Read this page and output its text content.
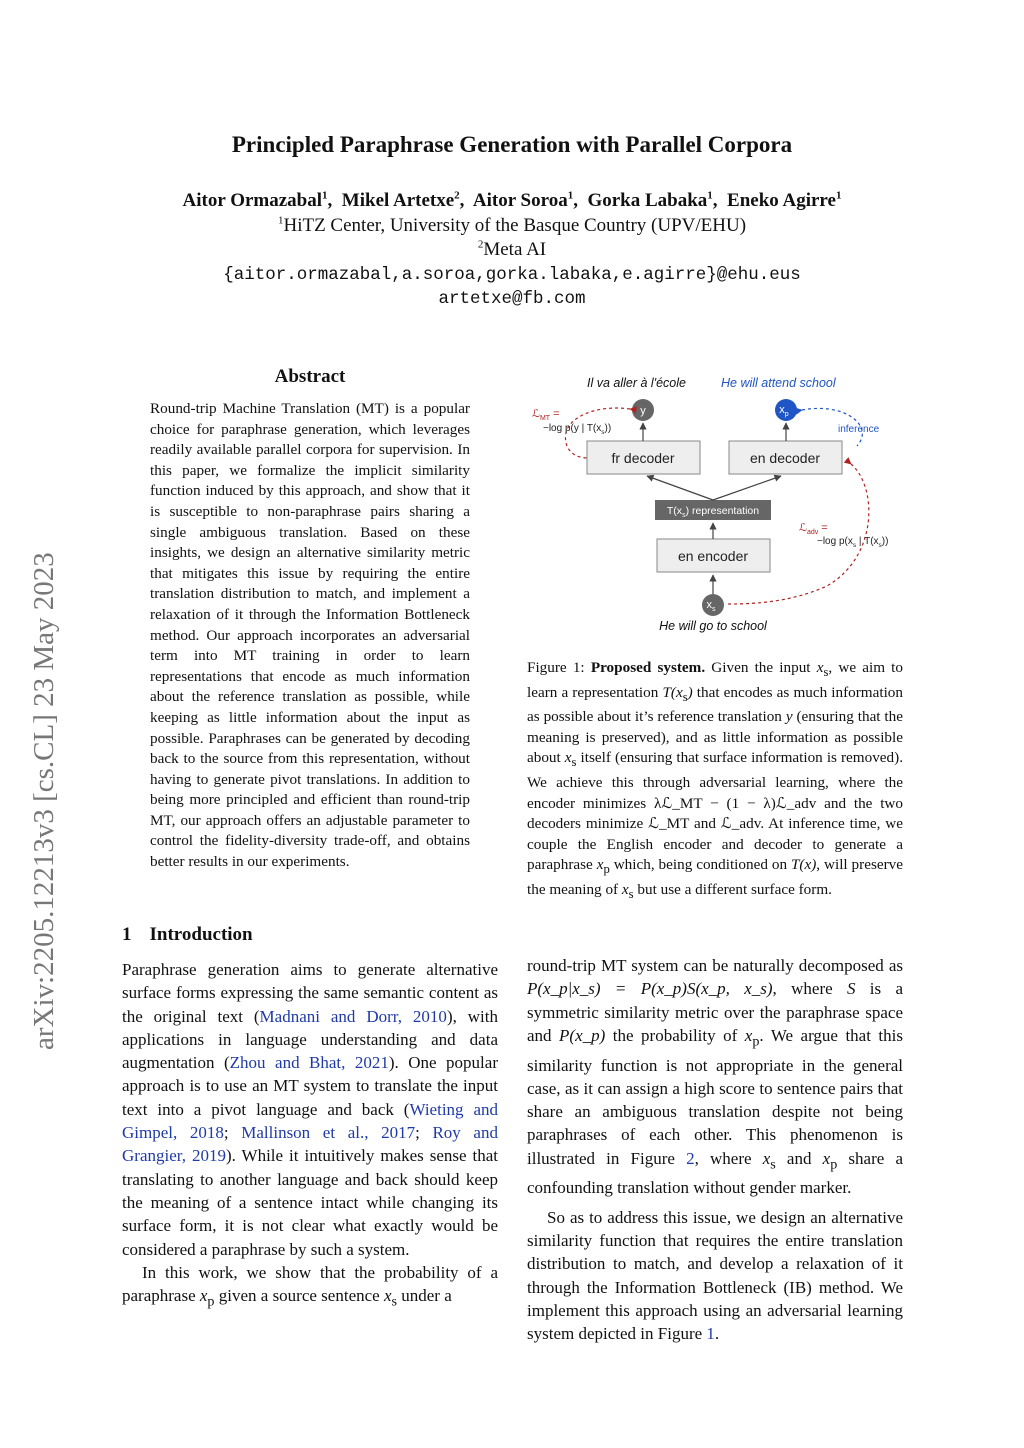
Principled Paraphrase Generation with Parallel Corpora
Aitor Ormazabal$^1$,  Mikel Artetxe$^2$,  Aitor Soroa$^1$,  Gorka Labaka$^1$,  Eneko Agirre$^1$
$^1$HiTZ Center, University of the Basque Country (UPV/EHU)
$^2$Meta AI
{aitor.ormazabal,a.soroa,gorka.labaka,e.agirre}@ehu.eus
artetxe@fb.com
arXiv:2205.12213v3 [cs.CL] 23 May 2023
Abstract
Round-trip Machine Translation (MT) is a popular choice for paraphrase generation, which leverages readily available parallel corpora for supervision. In this paper, we formalize the implicit similarity function induced by this approach, and show that it is susceptible to non-paraphrase pairs sharing a single ambiguous translation. Based on these insights, we design an alternative similarity metric that mitigates this issue by requiring the entire translation distribution to match, and implement a relaxation of it through the Information Bottleneck method. Our approach incorporates an adversarial term into MT training in order to learn representations that encode as much information about the reference translation as possible, while keeping as little information about the input as possible. Paraphrases can be generated by decoding back to the source from this representation, without having to generate pivot translations. In addition to being more principled and efficient than round-trip MT, our approach offers an adjustable parameter to control the fidelity-diversity trade-off, and obtains better results in our experiments.
Il va aller à l'école	He will attend school
y	$x_p$
fr decoder	en decoder
$T(x_s)$ representation
en encoder
$x_s$
He will go to school
inference
ℒ$_{MT}$ =
−log p(y | $T(x_s)$)
ℒ$_{adv}$ =
−log $p(x_s$ | $T(x_s)$)
Figure 1: Proposed system. Given the input $x_s$, we aim to learn a representation $T(x_s)$ that encodes as much information as possible about it’s reference translation y (ensuring that the meaning is preserved), and as little information as possible about $x_s$ itself (ensuring that surface information is removed). We achieve this through adversarial learning, where the encoder minimizes λℒ_MT − (1 − λ)ℒ_adv and the two decoders minimize ℒ_MT and ℒ_adv. At inference time, we couple the English encoder and decoder to generate a paraphrase $x_p$ which, being conditioned on T(x), will preserve the meaning of $x_s$ but use a different surface form.
1 Introduction

Paraphrase generation aims to generate alternative surface forms expressing the same semantic content as the original text (Madnani and Dorr, 2010), with applications in language understanding and data augmentation (Zhou and Bhat, 2021). One popular approach is to use an MT system to translate the input text into a pivot language and back (Wieting and Gimpel, 2018; Mallinson et al., 2017; Roy and Grangier, 2019). While it intuitively makes sense that translating to another language and back should keep the meaning of a sentence intact while changing its surface form, it is not clear what exactly would be considered a paraphrase by such a system.

In this work, we show that the probability of a paraphrase $x_p$ given a source sentence $x_s$ under a

round-trip MT system can be naturally decomposed as P(x_p|x_s) = P(x_p)S(x_p, x_s), where S is a symmetric similarity metric over the paraphrase space and P(x_p) the probability of $x_p$. We argue that this similarity function is not appropriate in the general case, as it can assign a high score to sentence pairs that share an ambiguous translation despite not being paraphrases of each other. This phenomenon is illustrated in Figure 2, where $x_s$ and $x_p$ share a confounding translation without gender marker.

So as to address this issue, we design an alternative similarity function that requires the entire translation distribution to match, and develop a relaxation of it through the Information Bottleneck (IB) method. We implement this approach using an adversarial learning system depicted in Figure 1.
